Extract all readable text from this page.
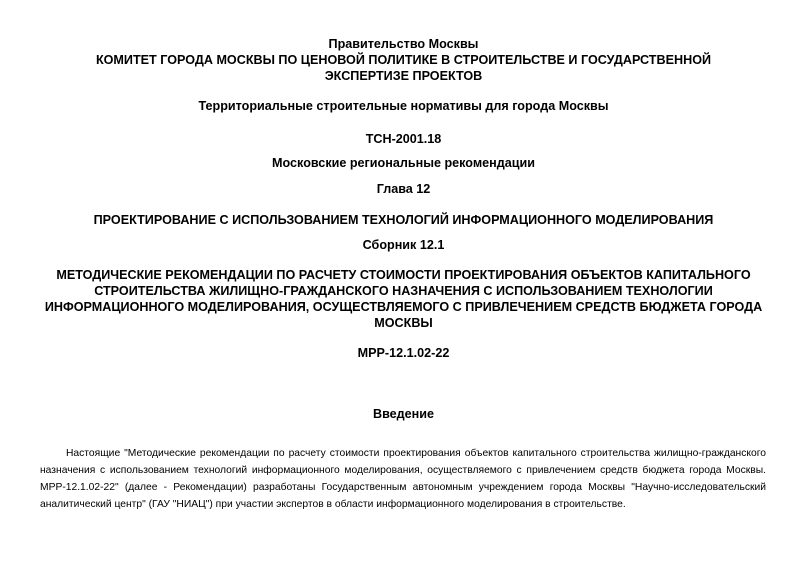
Правительство Москвы
КОМИТЕТ ГОРОДА МОСКВЫ ПО ЦЕНОВОЙ ПОЛИТИКЕ В СТРОИТЕЛЬСТВЕ И ГОСУДАРСТВЕННОЙ ЭКСПЕРТИЗЕ ПРОЕКТОВ
Территориальные строительные нормативы для города Москвы
ТСН-2001.18
Московские региональные рекомендации
Глава 12
ПРОЕКТИРОВАНИЕ С ИСПОЛЬЗОВАНИЕМ ТЕХНОЛОГИЙ ИНФОРМАЦИОННОГО МОДЕЛИРОВАНИЯ
Сборник 12.1
МЕТОДИЧЕСКИЕ РЕКОМЕНДАЦИИ ПО РАСЧЕТУ СТОИМОСТИ ПРОЕКТИРОВАНИЯ ОБЪЕКТОВ КАПИТАЛЬНОГО СТРОИТЕЛЬСТВА ЖИЛИЩНО-ГРАЖДАНСКОГО НАЗНАЧЕНИЯ С ИСПОЛЬЗОВАНИЕМ ТЕХНОЛОГИИ ИНФОРМАЦИОННОГО МОДЕЛИРОВАНИЯ, ОСУЩЕСТВЛЯЕМОГО С ПРИВЛЕЧЕНИЕМ СРЕДСТВ БЮДЖЕТА ГОРОДА МОСКВЫ
МРР-12.1.02-22
Введение
Настоящие "Методические рекомендации по расчету стоимости проектирования объектов капитального строительства жилищно-гражданского назначения с использованием технологий информационного моделирования, осуществляемого с привлечением средств бюджета города Москвы. МРР-12.1.02-22" (далее - Рекомендации) разработаны Государственным автономным учреждением города Москвы "Научно-исследовательский аналитический центр" (ГАУ "НИАЦ") при участии экспертов в области информационного моделирования в строительстве.
